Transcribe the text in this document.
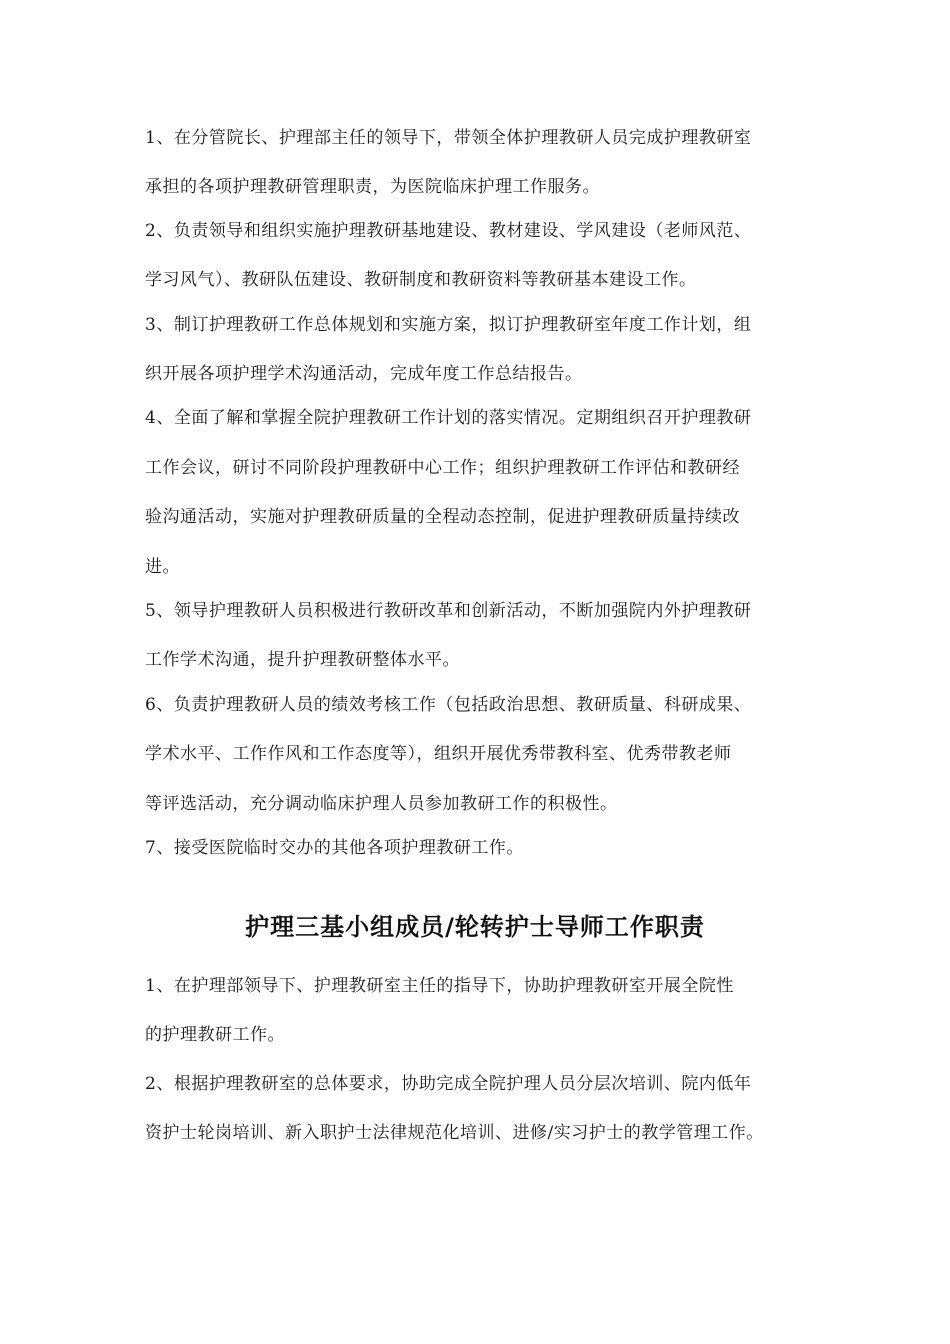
1、在分管院长、护理部主任的领导下，带领全体护理教研人员完成护理教研室
承担的各项护理教研管理职责，为医院临床护理工作服务。
2、负责领导和组织实施护理教研基地建设、教材建设、学风建设（老师风范、
学习风气）、教研队伍建设、教研制度和教研资料等教研基本建设工作。
3、制订护理教研工作总体规划和实施方案，拟订护理教研室年度工作计划，组
织开展各项护理学术沟通活动，完成年度工作总结报告。
4、全面了解和掌握全院护理教研工作计划的落实情况。定期组织召开护理教研
工作会议，研讨不同阶段护理教研中心工作；组织护理教研工作评估和教研经
验沟通活动，实施对护理教研质量的全程动态控制，促进护理教研质量持续改
进。
5、领导护理教研人员积极进行教研改革和创新活动，不断加强院内外护理教研
工作学术沟通，提升护理教研整体水平。
6、负责护理教研人员的绩效考核工作（包括政治思想、教研质量、科研成果、
学术水平、工作作风和工作态度等），组织开展优秀带教科室、优秀带教老师
等评选活动，充分调动临床护理人员参加教研工作的积极性。
7、接受医院临时交办的其他各项护理教研工作。
护理三基小组成员/轮转护士导师工作职责
1、在护理部领导下、护理教研室主任的指导下，协助护理教研室开展全院性
的护理教研工作。
2、根据护理教研室的总体要求，协助完成全院护理人员分层次培训、院内低年
资护士轮岗培训、新入职护士法律规范化培训、进修/实习护士的教学管理工作。
